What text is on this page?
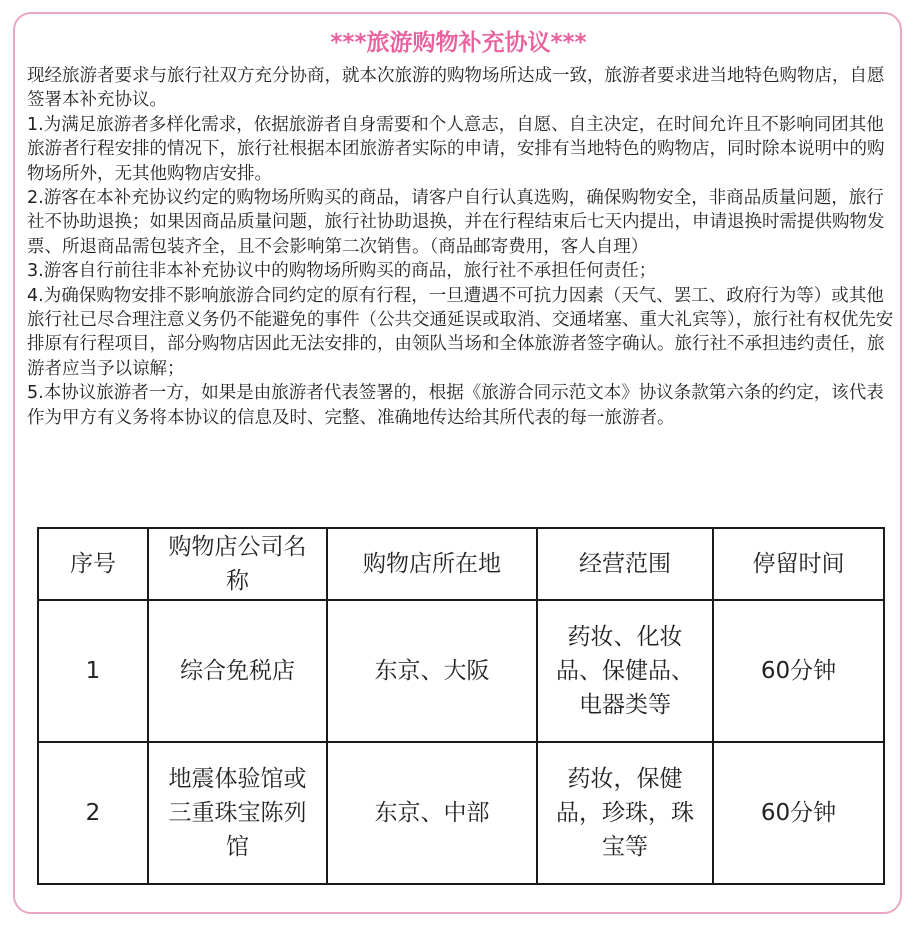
***旅游购物补充协议***

现经旅游者要求与旅行社双方充分协商，就本次旅游的购物场所达成一致，旅游者要求进当地特色购物店，自愿签署本补充协议。

1.为满足旅游者多样化需求，依据旅游者自身需要和个人意志，自愿、自主决定，在时间允许且不影响同团其他旅游者行程安排的情况下，旅行社根据本团旅游者实际的申请，安排有当地特色的购物店，同时除本说明中的购物场所外，无其他购物店安排。

2.游客在本补充协议约定的购物场所购买的商品，请客户自行认真选购，确保购物安全，非商品质量问题，旅行社不协助退换；如果因商品质量问题，旅行社协助退换，并在行程结束后七天内提出，申请退换时需提供购物发票、所退商品需包装齐全，且不会影响第二次销售。（商品邮寄费用，客人自理）

3.游客自行前往非本补充协议中的购物场所购买的商品，旅行社不承担任何责任；

4.为确保购物安排不影响旅游合同约定的原有行程，一旦遭遇不可抗力因素（天气、罢工、政府行为等）或其他旅行社已尽合理注意义务仍不能避免的事件（公共交通延误或取消、交通堵塞、重大礼宾等），旅行社有权优先安排原有行程项目，部分购物店因此无法安排的，由领队当场和全体旅游者签字确认。旅行社不承担违约责任，旅游者应当予以谅解；

5.本协议旅游者一方，如果是由旅游者代表签署的，根据《旅游合同示范文本》协议条款第六条的约定，该代表作为甲方有义务将本协议的信息及时、完整、准确地传达给其所代表的每一旅游者。

序号	购物店公司名称	购物店所在地	经营范围	停留时间
1	综合免税店	东京、大阪	药妆、化妆品、保健品、电器类等	60分钟
2	地震体验馆或三重珠宝陈列馆	东京、中部	药妆，保健品，珍珠，珠宝等	60分钟
